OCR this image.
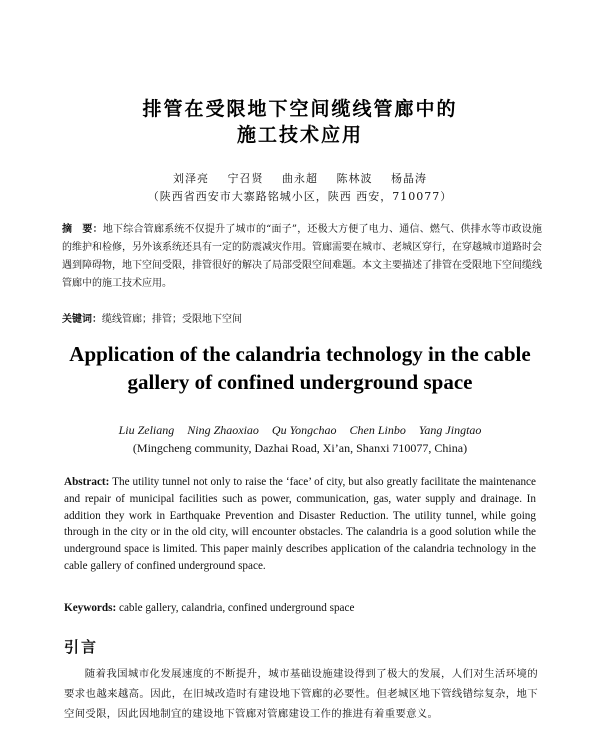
排管在受限地下空间缆线管廊中的
施工技术应用
刘泽亮 宁召贤 曲永超 陈林波 杨晶涛
（陕西省西安市大寨路铭城小区，陕西 西安，710077）
摘　要：地下综合管廊系统不仅提升了城市的“面子”，还极大方便了电力、通信、燃气、供排水等市政设施的维护和检修，另外该系统还具有一定的防震减灾作用。管廊需要在城市、老城区穿行，在穿越城市道路时会遇到障碍物，地下空间受限，排管很好的解决了局部受限空间难题。本文主要描述了排管在受限地下空间缆线管廊中的施工技术应用。
关键词：缆线管廊；排管；受限地下空间
Application of the calandria technology in the cable
gallery of confined underground space
Liu Zeliang Ning Zhaoxiao Qu Yongchao Chen Linbo Yang Jingtao
(Mingcheng community, Dazhai Road, Xi’an, Shanxi 710077, China)
Abstract: The utility tunnel not only to raise the ‘face’ of city, but also greatly facilitate the maintenance and repair of municipal facilities such as power, communication, gas, water supply and drainage. In addition they work in Earthquake Prevention and Disaster Reduction. The utility tunnel, while going through in the city or in the old city, will encounter obstacles. The calandria is a good solution while the underground space is limited. This paper mainly describes application of the calandria technology in the cable gallery of confined underground space.
Keywords: cable gallery, calandria, confined underground space
引言
随着我国城市化发展速度的不断提升，城市基础设施建设得到了极大的发展，人们对生活环境的要求也越来越高。因此，在旧城改造时有建设地下管廊的必要性。但老城区地下管线错综复杂，地下空间受限，因此因地制宜的建设地下管廊对管廊建设工作的推进有着重要意义。
